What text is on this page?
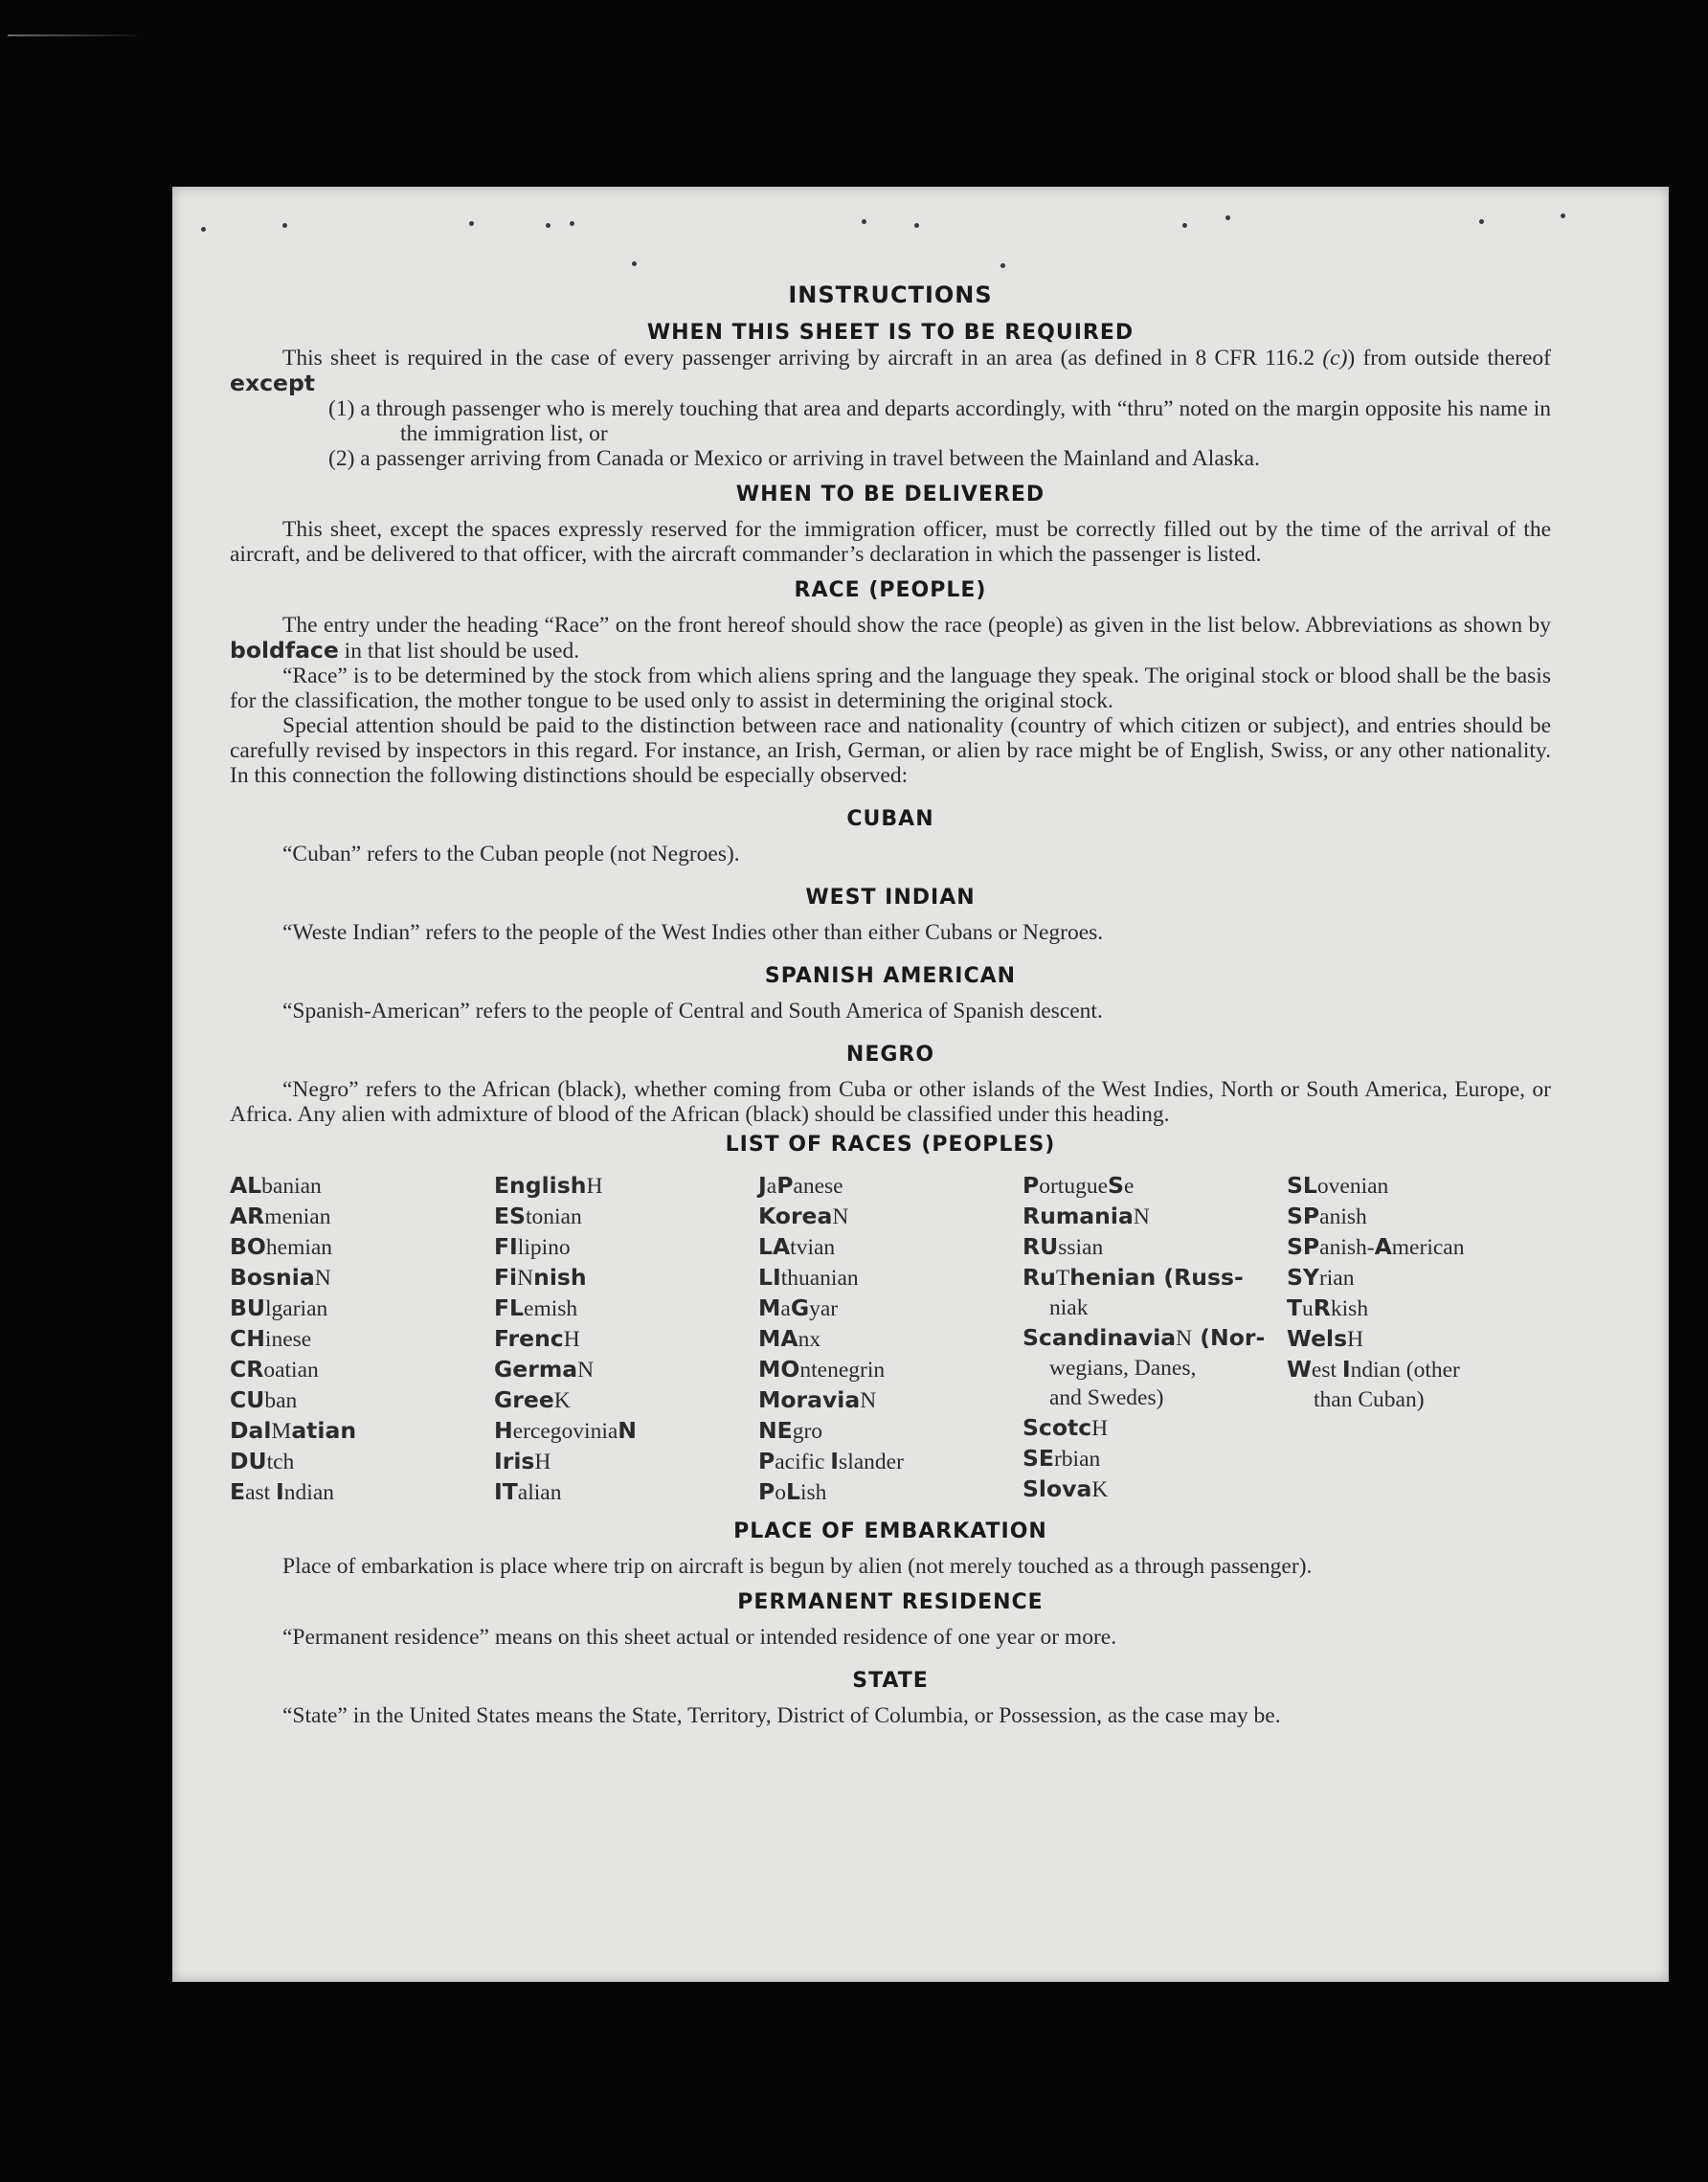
INSTRUCTIONS
WHEN THIS SHEET IS TO BE REQUIRED

This sheet is required in the case of every passenger arriving by aircraft in an area (as defined in 8 CFR 116.2 (c)) from outside thereof except

(1) a through passenger who is merely touching that area and departs accordingly, with “thru” noted on the margin opposite his name in the immigration list, or
(2) a passenger arriving from Canada or Mexico or arriving in travel between the Mainland and Alaska.
WHEN TO BE DELIVERED

This sheet, except the spaces expressly reserved for the immigration officer, must be correctly filled out by the time of the arrival of the aircraft, and be delivered to that officer, with the aircraft commander’s declaration in which the passenger is listed.

RACE (PEOPLE)

The entry under the heading “Race” on the front hereof should show the race (people) as given in the list below. Abbreviations as shown by boldface in that list should be used.

“Race” is to be determined by the stock from which aliens spring and the language they speak. The original stock or blood shall be the basis for the classification, the mother tongue to be used only to assist in determining the original stock.

Special attention should be paid to the distinction between race and nationality (country of which citizen or subject), and entries should be carefully revised by inspectors in this regard. For instance, an Irish, German, or alien by race might be of English, Swiss, or any other nationality. In this connection the following distinctions should be especially observed:

CUBAN

“Cuban” refers to the Cuban people (not Negroes).

WEST INDIAN

“Weste Indian” refers to the people of the West Indies other than either Cubans or Negroes.

SPANISH AMERICAN

“Spanish-American” refers to the people of Central and South America of Spanish descent.

NEGRO

“Negro” refers to the African (black), whether coming from Cuba or other islands of the West Indies, North or South America, Europe, or Africa. Any alien with admixture of blood of the African (black) should be classified under this heading.

LIST OF RACES (PEOPLES)
ALbanian
ARmenian
BOhemian
BosniaN
BUlgarian
CHinese
CRoatian
CUban
DalMatian
DUtch
East Indian
EnglishH
EStonian
FIlipino
FiNnish
FLemish
FrencH
GermaN
GreeK
HercegoviniaN
IrisH
ITalian
JaPanese
KoreaN
LAtvian
LIthuanian
MaGyar
MAnx
MOntenegrin
MoraviaN
NEgro
Pacific Islander
PoLish
PortugueSe
RumaniaN
RUssian
RuThenian (Russ-
niak
ScandinaviaN (Nor-
wegians, Danes,
and Swedes)
ScotcH
SErbian
SlovaK
SLovenian
SPanish
SPanish-American
SYrian
TuRkish
WelsH
West Indian (other
than Cuban)
PLACE OF EMBARKATION

Place of embarkation is place where trip on aircraft is begun by alien (not merely touched as a through passenger).

PERMANENT RESIDENCE

“Permanent residence” means on this sheet actual or intended residence of one year or more.

STATE

“State” in the United States means the State, Territory, District of Columbia, or Possession, as the case may be.
